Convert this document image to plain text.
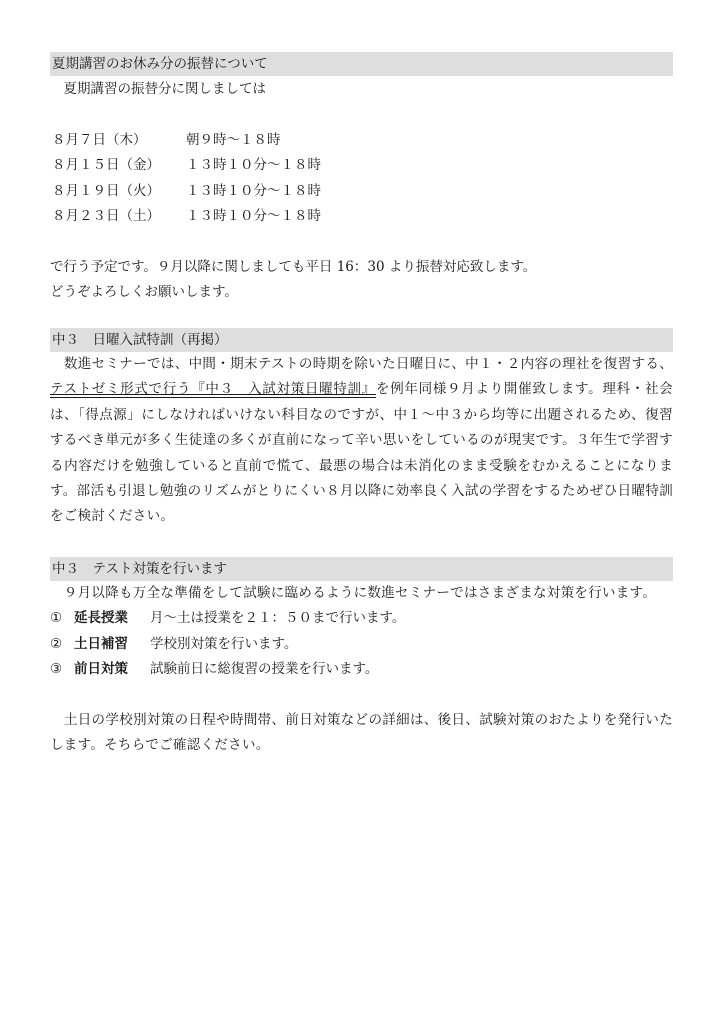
夏期講習のお休み分の振替について
　夏期講習の振替分に関しましては
８月７日（木）	朝９時～１８時
８月１５日（金）	１３時１０分～１８時
８月１９日（火）	１３時１０分～１８時
８月２３日（土）	１３時１０分～１８時
で行う予定です。９月以降に関しましても平日 16：30 より振替対応致します。
どうぞよろしくお願いします。
中３　日曜入試特訓（再掲）
　数進セミナーでは、中間・期末テストの時期を除いた日曜日に、中１・２内容の理社を復習する、テストゼミ形式で行う『中３　入試対策日曜特訓』を例年同様９月より開催致します。理科・社会は、「得点源」にしなければいけない科目なのですが、中１～中３から均等に出題されるため、復習するべき単元が多く生徒達の多くが直前になって辛い思いをしているのが現実です。３年生で学習する内容だけを勉強していると直前で慌て、最悪の場合は未消化のまま受験をむかえることになります。部活も引退し勉強のリズムがとりにくい８月以降に効率良く入試の学習をするためぜひ日曜特訓をご検討ください。
中３　テスト対策を行います
　９月以降も万全な準備をして試験に臨めるように数進セミナーではさまざまな対策を行います。
① 延長授業 月～土は授業を２１：５０まで行います。
② 土日補習 学校別対策を行います。
③ 前日対策 試験前日に総復習の授業を行います。
　土日の学校別対策の日程や時間帯、前日対策などの詳細は、後日、試験対策のおたよりを発行いたします。そちらでご確認ください。
